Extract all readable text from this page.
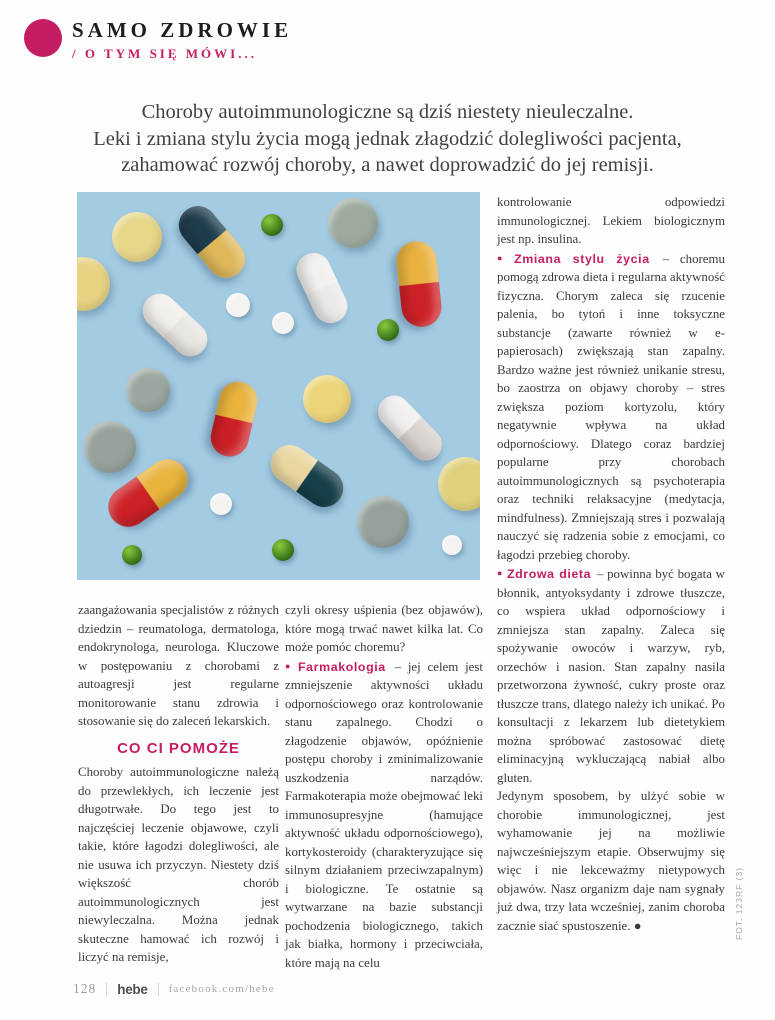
SAMO ZDROWIE
/ O TYM SIĘ MÓWI...
Choroby autoimmunologiczne są dziś niestety nieuleczalne.
Leki i zmiana stylu życia mogą jednak złagodzić dolegliwości pacjenta,
zahamować rozwój choroby, a nawet doprowadzić do jej remisji.

zaangażowania specjalistów z różnych dziedzin – reumatologa, dermatologa, endokrynologa, neurologa. Kluczowe w postępowaniu z chorobami z autoagresji jest regularne monitorowanie stanu zdrowia i stosowanie się do zaleceń lekarskich.

CO CI POMOŻE

Choroby autoimmunologiczne należą do przewlekłych, ich leczenie jest długotrwałe. Do tego jest to najczęściej leczenie objawowe, czyli takie, które łagodzi dolegliwości, ale nie usuwa ich przyczyn. Niestety dziś większość chorób autoimmunologicznych jest niewyleczalna. Można jednak skuteczne hamować ich rozwój i liczyć na remisje,

czyli okresy uśpienia (bez objawów), które mogą trwać nawet kilka lat. Co może pomóc choremu?

● Farmakologia – jej celem jest zmniejszenie aktywności układu odpornościowego oraz kontrolowanie stanu zapalnego. Chodzi o złagodzenie objawów, opóźnienie postępu choroby i zminimalizowanie uszkodzenia narządów. Farmakoterapia może obejmować leki immunosupresyjne (hamujące aktywność układu odpornościowego), kortykosteroidy (charakteryzujące się silnym działaniem przeciwzapalnym) i biologiczne. Te ostatnie są wytwarzane na bazie substancji pochodzenia biologicznego, takich jak białka, hormony i przeciwciała, które mają na celu

kontrolowanie odpowiedzi immunologicznej. Lekiem biologicznym jest np. insulina.

● Zmiana stylu życia – choremu pomogą zdrowa dieta i regularna aktywność fizyczna. Chorym zaleca się rzucenie palenia, bo tytoń i inne toksyczne substancje (zawarte również w e-papierosach) zwiększają stan zapalny. Bardzo ważne jest również unikanie stresu, bo zaostrza on objawy choroby – stres zwiększa poziom kortyzolu, który negatywnie wpływa na układ odpornościowy. Dlatego coraz bardziej popularne przy chorobach autoimmunologicznych są psychoterapia oraz techniki relaksacyjne (medytacja, mindfulness). Zmniejszają stres i pozwalają nauczyć się radzenia sobie z emocjami, co łagodzi przebieg choroby.

● Zdrowa dieta – powinna być bogata w błonnik, antyoksydanty i zdrowe tłuszcze, co wspiera układ odpornościowy i zmniejsza stan zapalny. Zaleca się spożywanie owoców i warzyw, ryb, orzechów i nasion. Stan zapalny nasila przetworzona żywność, cukry proste oraz tłuszcze trans, dlatego należy ich unikać. Po konsultacji z lekarzem lub dietetykiem można spróbować zastosować dietę eliminacyjną wykluczającą nabiał albo gluten.

Jedynym sposobem, by ulżyć sobie w chorobie immunologicznej, jest wyhamowanie jej na możliwie najwcześniejszym etapie. Obserwujmy się więc i nie lekceważmy nietypowych objawów. Nasz organizm daje nam sygnały już dwa, trzy lata wcześniej, zanim choroba zacznie siać spustoszenie. ●

128 hebe facebook.com/hebe
FOT. 123RF (3)
